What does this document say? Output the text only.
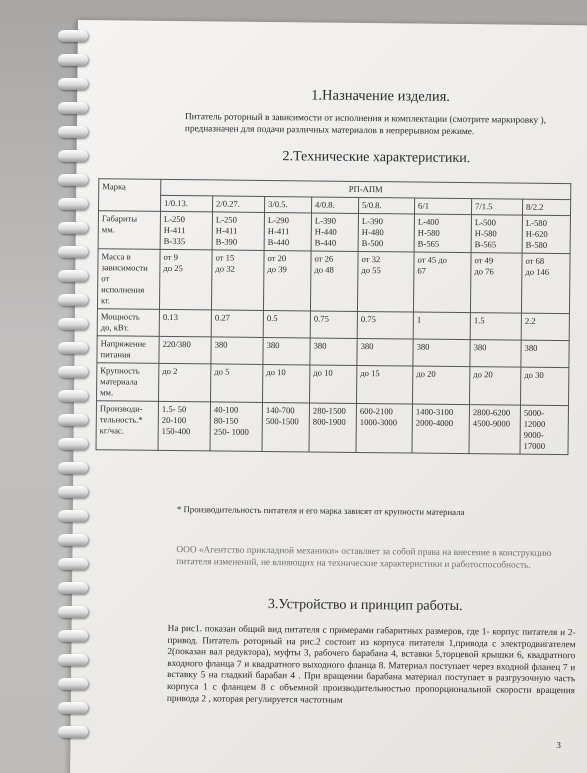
1.Назначение изделия.
Питатель роторный в зависимости от исполнения и комплектации (смотрите маркировку ), предназначен для подачи различных материалов в непрерывном режиме.
2.Технические характеристики.
Марка	РП-АПМ							
	1/0.13.	2/0.27.	3/0.5.	4/0.8.	5/0.8.	6/1	7/1.5	8/2.2

Габариты
мм.	L-250
H-411
B-335	L-250
H-411
B-390	L-290
H-411
B-440	L-390
H-440
B-440	L-390
H-480
B-500	L-400
H-580
B-565	L-500
H-580
B-565	L-580
H-620
B-580

Масса в
зависимости
от
исполнения
кг.	от 9
до 25	от 15
до 32	от 20
до 39	от 26
до 48	от 32
до 55	от 45 до
67	от 49
до 76	от 68
до 146

Мощность
до, кВт.	0.13	0.27	0.5	0.75	0.75	1	1.5	2.2

Напряжение
питания	220/380	380	380	380	380	380	380	380

Крупность
материала
мм.	до 2	до 5	до 10	до 10	до 15	до 20	до 20	до 30

Производи-
тельность.*
кг/час.	1.5- 50
20-100
150-400	40-100
80-150
250- 1000	140-700
500-1500	280-1500
800-1900	600-2100
1000-3000	1400-3100
2000-4000	2800-6200
4500-9000	5000-12000
9000-17000
* Производительность питателя и его марка зависят от крупности материала
ООО «Агентство прикладной механики» оставляет за собой права на внесение в конструкцию питателя изменений, не влияющих на технические характеристики и работоспособность.
3.Устройство и принцип работы.
На рис1. показан общий вид питателя с примерами габаритных размеров, где 1- корпус питателя и 2- привод. Питатель роторный на рис.2 состоит из корпуса питателя 1,привода с электродвигателем 2(показан вал редуктора), муфты 3, рабочего барабана 4, вставки 5,торцевой крышки 6, квадратного входного фланца 7 и квадратного выходного фланца 8. Материал поступает через входной фланец 7 и вставку 5 на гладкий барабан 4 . При вращении барабана материал поступает в разгрузочную часть корпуса 1 с фланцем 8 с объемной производительностью пропорциональной скорости вращения привода 2 , которая регулируется частотным
3
